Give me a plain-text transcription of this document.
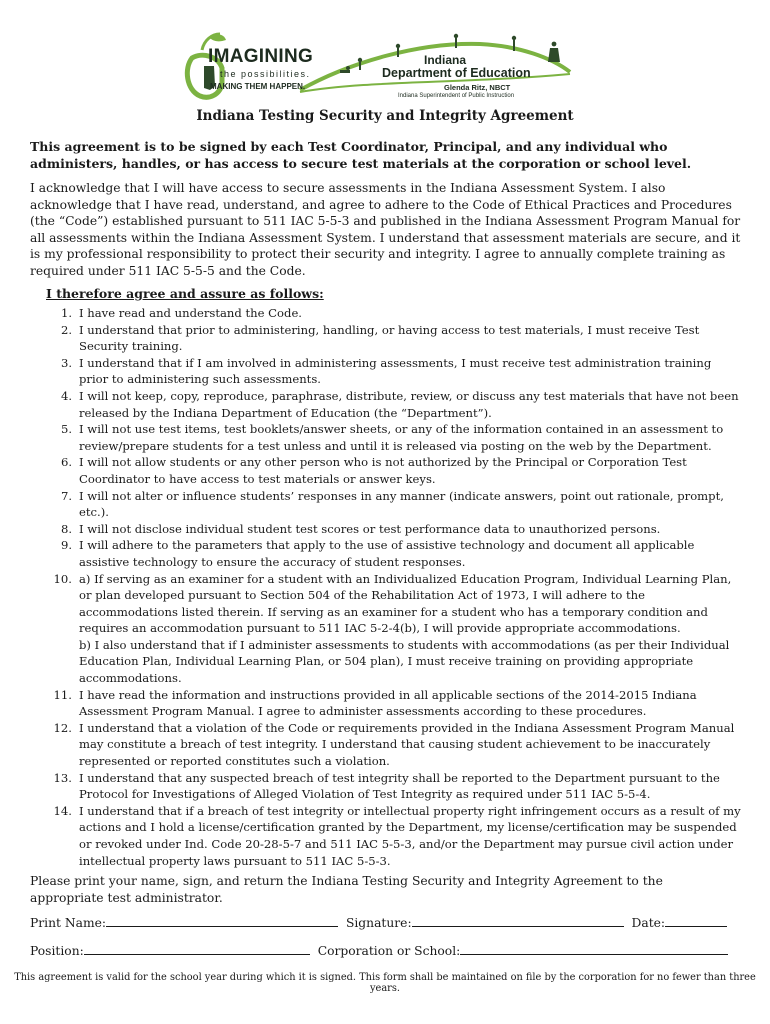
IMAGINING
the possibilities.
MAKING THEM HAPPEN.
Indiana
Department of Education
Glenda Ritz, NBCT
Indiana Superintendent of Public Instruction
Indiana Testing Security and Integrity Agreement
This agreement is to be signed by each Test Coordinator, Principal, and any individual who administers, handles, or has access to secure test materials at the corporation or school level.
I acknowledge that I will have access to secure assessments in the Indiana Assessment System. I also acknowledge that I have read, understand, and agree to adhere to the Code of Ethical Practices and Procedures (the “Code”) established pursuant to 511 IAC 5-5-3 and published in the Indiana Assessment Program Manual for all assessments within the Indiana Assessment System. I understand that assessment materials are secure, and it is my professional responsibility to protect their security and integrity. I agree to annually complete training as required under 511 IAC 5-5-5 and the Code.
I therefore agree and assure as follows:
1. I have read and understand the Code.
2. I understand that prior to administering, handling, or having access to test materials, I must receive Test Security training.
3. I understand that if I am involved in administering assessments, I must receive test administration training prior to administering such assessments.
4. I will not keep, copy, reproduce, paraphrase, distribute, review, or discuss any test materials that have not been released by the Indiana Department of Education (the “Department”).
5. I will not use test items, test booklets/answer sheets, or any of the information contained in an assessment to review/prepare students for a test unless and until it is released via posting on the web by the Department.
6. I will not allow students or any other person who is not authorized by the Principal or Corporation Test Coordinator to have access to test materials or answer keys.
7. I will not alter or influence students’ responses in any manner (indicate answers, point out rationale, prompt, etc.).
8. I will not disclose individual student test scores or test performance data to unauthorized persons.
9. I will adhere to the parameters that apply to the use of assistive technology and document all applicable assistive technology to ensure the accuracy of student responses.
10. a) If serving as an examiner for a student with an Individualized Education Program, Individual Learning Plan, or plan developed pursuant to Section 504 of the Rehabilitation Act of 1973, I will adhere to the accommodations listed therein. If serving as an examiner for a student who has a temporary condition and requires an accommodation pursuant to 511 IAC 5-2-4(b), I will provide appropriate accommodations.
b) I also understand that if I administer assessments to students with accommodations (as per their Individual Education Plan, Individual Learning Plan, or 504 plan), I must receive training on providing appropriate accommodations.
11. I have read the information and instructions provided in all applicable sections of the 2014-2015 Indiana Assessment Program Manual. I agree to administer assessments according to these procedures.
12. I understand that a violation of the Code or requirements provided in the Indiana Assessment Program Manual may constitute a breach of test integrity. I understand that causing student achievement to be inaccurately represented or reported constitutes such a violation.
13. I understand that any suspected breach of test integrity shall be reported to the Department pursuant to the Protocol for Investigations of Alleged Violation of Test Integrity as required under 511 IAC 5-5-4.
14. I understand that if a breach of test integrity or intellectual property right infringement occurs as a result of my actions and I hold a license/certification granted by the Department, my license/certification may be suspended or revoked under Ind. Code 20-28-5-7 and 511 IAC 5-5-3, and/or the Department may pursue civil action under intellectual property laws pursuant to 511 IAC 5-5-3.
Please print your name, sign, and return the Indiana Testing Security and Integrity Agreement to the appropriate test administrator.
Print Name:	Signature:	Date:
Position:	Corporation or School:
This agreement is valid for the school year during which it is signed. This form shall be maintained on file by the corporation for no fewer than three years.
